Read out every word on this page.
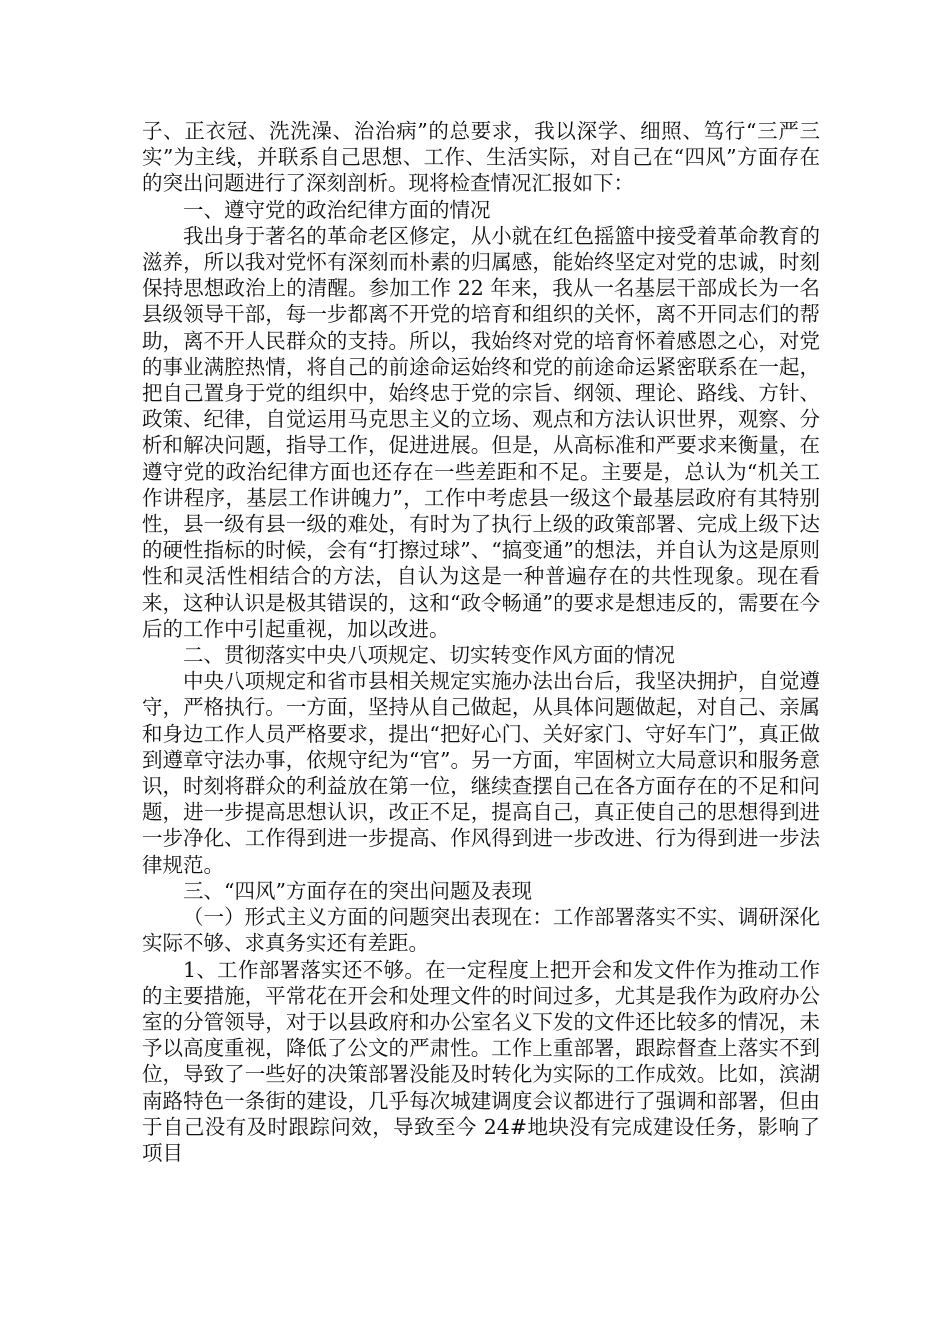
子、正衣冠、洗洗澡、治治病”的总要求，我以深学、细照、笃行“三严三实”为主线，并联系自己思想、工作、生活实际，对自己在“四风”方面存在的突出问题进行了深刻剖析。现将检查情况汇报如下：

一、遵守党的政治纪律方面的情况

我出身于著名的革命老区修定，从小就在红色摇篮中接受着革命教育的滋养，所以我对党怀有深刻而朴素的归属感，能始终坚定对党的忠诚，时刻保持思想政治上的清醒。参加工作 22 年来，我从一名基层干部成长为一名县级领导干部，每一步都离不开党的培育和组织的关怀，离不开同志们的帮助，离不开人民群众的支持。所以，我始终对党的培育怀着感恩之心，对党的事业满腔热情，将自己的前途命运始终和党的前途命运紧密联系在一起，把自己置身于党的组织中，始终忠于党的宗旨、纲领、理论、路线、方针、政策、纪律，自觉运用马克思主义的立场、观点和方法认识世界，观察、分析和解决问题，指导工作，促进进展。但是，从高标准和严要求来衡量，在遵守党的政治纪律方面也还存在一些差距和不足。主要是，总认为“机关工作讲程序，基层工作讲魄力”，工作中考虑县一级这个最基层政府有其特别性，县一级有县一级的难处，有时为了执行上级的政策部署、完成上级下达的硬性指标的时候，会有“打擦过球”、“搞变通”的想法，并自认为这是原则性和灵活性相结合的方法，自认为这是一种普遍存在的共性现象。现在看来，这种认识是极其错误的，这和“政令畅通”的要求是想违反的，需要在今后的工作中引起重视，加以改进。

二、贯彻落实中央八项规定、切实转变作风方面的情况

中央八项规定和省市县相关规定实施办法出台后，我坚决拥护，自觉遵守，严格执行。一方面，坚持从自己做起，从具体问题做起，对自己、亲属和身边工作人员严格要求，提出“把好心门、关好家门、守好车门”，真正做到遵章守法办事，依规守纪为“官”。另一方面，牢固树立大局意识和服务意识，时刻将群众的利益放在第一位，继续查摆自己在各方面存在的不足和问题，进一步提高思想认识，改正不足，提高自己，真正使自己的思想得到进一步净化、工作得到进一步提高、作风得到进一步改进、行为得到进一步法律规范。

三、“四风”方面存在的突出问题及表现

（一）形式主义方面的问题突出表现在：工作部署落实不实、调研深化实际不够、求真务实还有差距。

1、工作部署落实还不够。在一定程度上把开会和发文件作为推动工作的主要措施，平常花在开会和处理文件的时间过多，尤其是我作为政府办公室的分管领导，对于以县政府和办公室名义下发的文件还比较多的情况，未予以高度重视，降低了公文的严肃性。工作上重部署，跟踪督查上落实不到位，导致了一些好的决策部署没能及时转化为实际的工作成效。比如，滨湖南路特色一条街的建设，几乎每次城建调度会议都进行了强调和部署，但由于自己没有及时跟踪问效，导致至今 24#地块没有完成建设任务，影响了项目
